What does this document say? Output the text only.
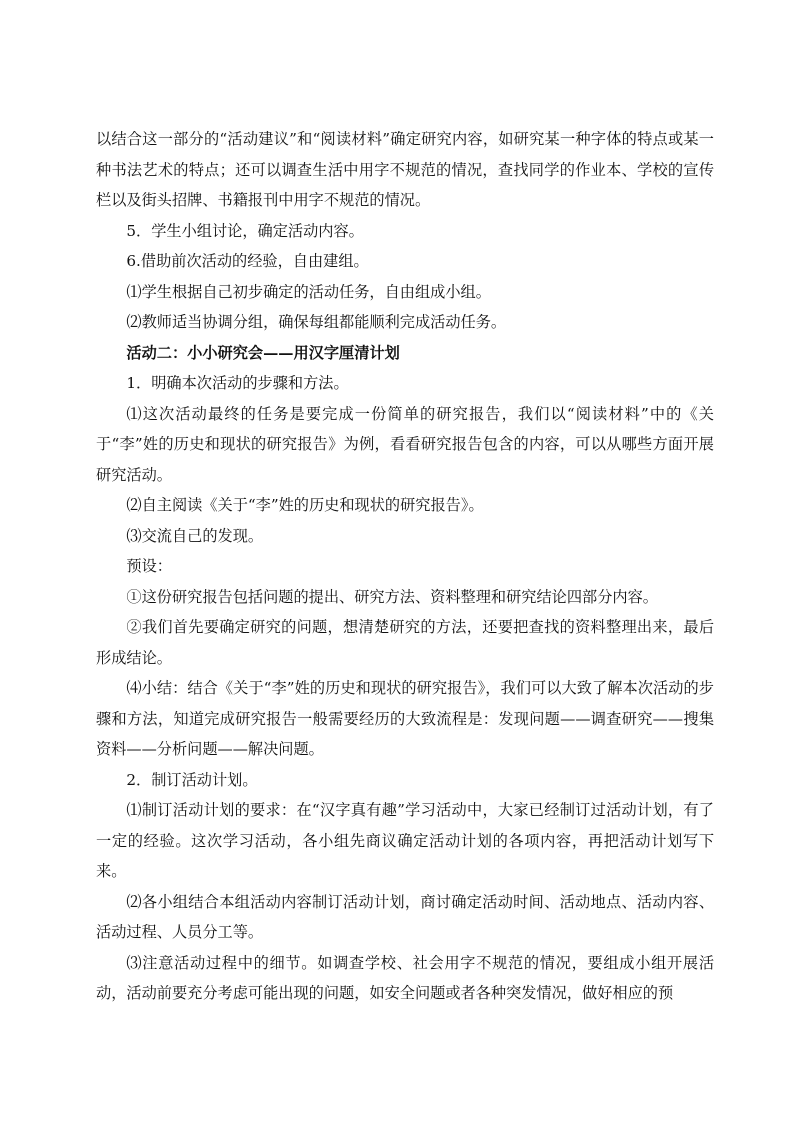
以结合这一部分的“活动建议”和“阅读材料”确定研究内容，如研究某一种字体的特点或某一种书法艺术的特点；还可以调查生活中用字不规范的情况，查找同学的作业本、学校的宣传栏以及街头招牌、书籍报刊中用字不规范的情况。

5．学生小组讨论，确定活动内容。

6.借助前次活动的经验，自由建组。

⑴学生根据自己初步确定的活动任务，自由组成小组。

⑵教师适当协调分组，确保每组都能顺利完成活动任务。

活动二：小小研究会——用汉字厘清计划

1．明确本次活动的步骤和方法。

⑴这次活动最终的任务是要完成一份简单的研究报告，我们以“阅读材料”中的《关于“李”姓的历史和现状的研究报告》为例，看看研究报告包含的内容，可以从哪些方面开展研究活动。

⑵自主阅读《关于“李”姓的历史和现状的研究报告》。

⑶交流自己的发现。

预设：

①这份研究报告包括问题的提出、研究方法、资料整理和研究结论四部分内容。

②我们首先要确定研究的问题，想清楚研究的方法，还要把查找的资料整理出来，最后形成结论。

⑷小结：结合《关于“李”姓的历史和现状的研究报告》，我们可以大致了解本次活动的步骤和方法，知道完成研究报告一般需要经历的大致流程是：发现问题——调查研究——搜集资料——分析问题——解决问题。

2．制订活动计划。

⑴制订活动计划的要求：在“汉字真有趣”学习活动中，大家已经制订过活动计划，有了一定的经验。这次学习活动，各小组先商议确定活动计划的各项内容，再把活动计划写下来。

⑵各小组结合本组活动内容制订活动计划，商讨确定活动时间、活动地点、活动内容、活动过程、人员分工等。

⑶注意活动过程中的细节。如调查学校、社会用字不规范的情况，要组成小组开展活动，活动前要充分考虑可能出现的问题，如安全问题或者各种突发情况，做好相应的预
